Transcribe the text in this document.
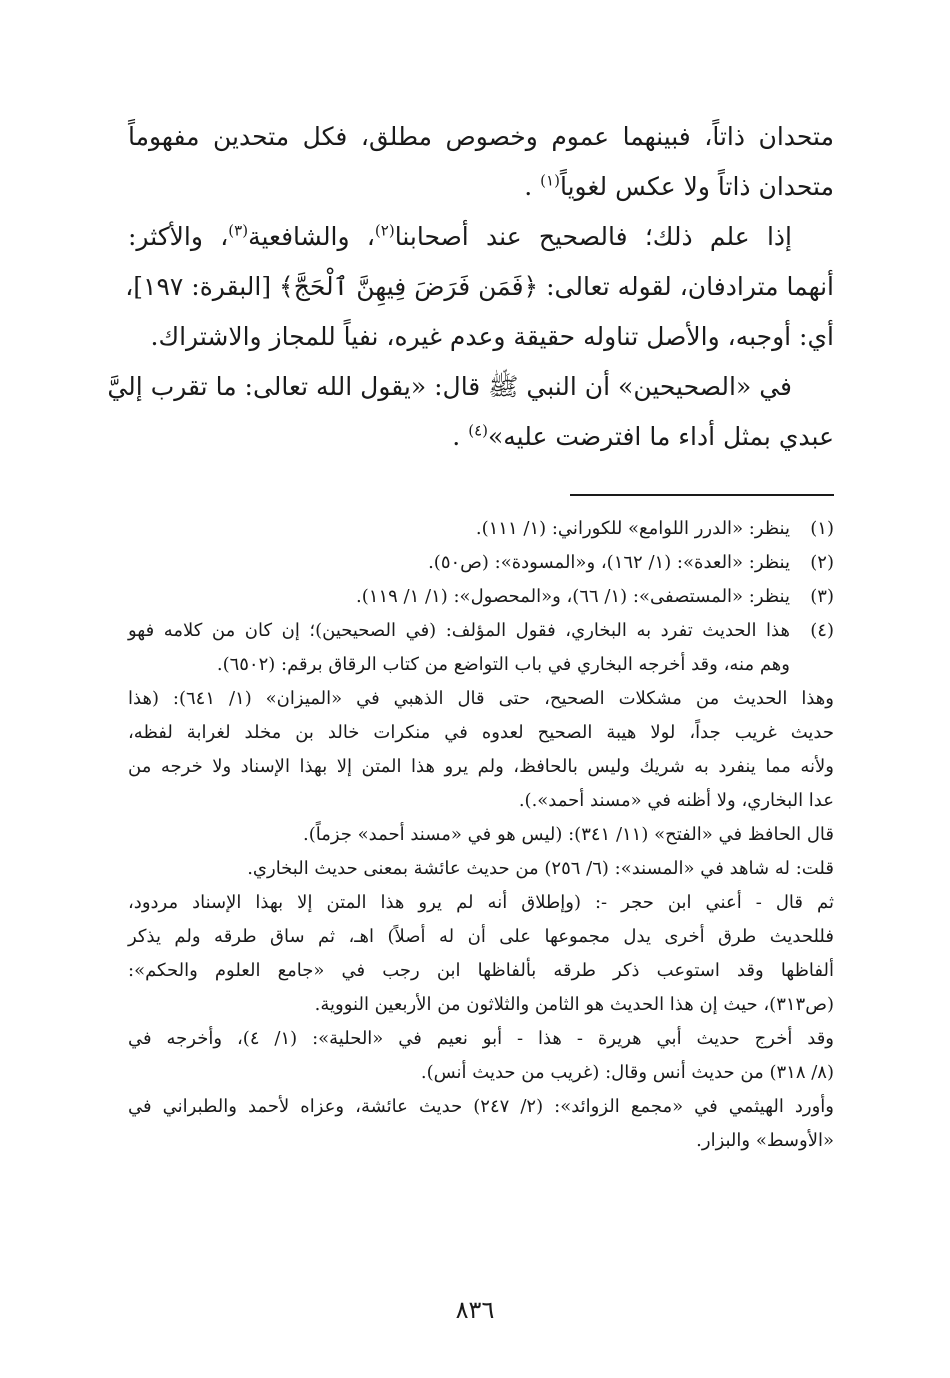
متحدان ذاتاً، فبينهما عموم وخصوص مطلق، فكل متحدين مفهوماً
متحدان ذاتاً ولا عكس لغوياً$^{(١)}$ .
إذا علم ذلك؛ فالصحيح عند أصحابنا$^{(٢)}$، والشافعية$^{(٣)}$، والأكثر:
أنهما مترادفان، لقوله تعالى: ﴿فَمَن فَرَضَ فِيهِنَّ ٱلْحَجَّ﴾ [البقرة: ١٩٧]،
أي: أوجبه، والأصل تناوله حقيقة وعدم غيره، نفياً للمجاز والاشتراك.
في «الصحيحين» أن النبي ﷺ قال: «يقول الله تعالى: ما تقرب إليَّ
عبدي بمثل أداء ما افترضت عليه»$^{(٤)}$ .
(١)
ينظر: «الدرر اللوامع» للكوراني: (١/ ١١١).
(٢)
ينظر: «العدة»: (١/ ١٦٢)، و«المسودة»: (ص٥٠).
(٣)
ينظر: «المستصفى»: (١/ ٦٦)، و«المحصول»: (١/ ١/ ١١٩).
(٤)
هذا الحديث تفرد به البخاري، فقول المؤلف: (في الصحيحين)؛ إن كان من كلامه فهو
وهم منه، وقد أخرجه البخاري في باب التواضع من كتاب الرقاق برقم: (٦٥٠٢).
وهذا الحديث من مشكلات الصحيح، حتى قال الذهبي في «الميزان» (١/ ٦٤١): (هذا
حديث غريب جداً، لولا هيبة الصحيح لعدوه في منكرات خالد بن مخلد لغرابة لفظه،
ولأنه مما ينفرد به شريك وليس بالحافظ، ولم يرو هذا المتن إلا بهذا الإسناد ولا خرجه من
عدا البخاري، ولا أظنه في «مسند أحمد».).
قال الحافظ في «الفتح» (١١/ ٣٤١): (ليس هو في «مسند أحمد» جزماً).
قلت: له شاهد في «المسند»: (٦/ ٢٥٦) من حديث عائشة بمعنى حديث البخاري.
ثم قال - أعني ابن حجر -: (وإطلاق أنه لم يرو هذا المتن إلا بهذا الإسناد مردود،
فللحديث طرق أخرى يدل مجموعها على أن له أصلاً) اهـ، ثم ساق طرقه ولم يذكر
ألفاظها وقد استوعب ذكر طرقه بألفاظها ابن رجب في «جامع العلوم والحكم»:
(ص٣١٣)، حيث إن هذا الحديث هو الثامن والثلاثون من الأربعين النووية.
وقد أخرج حديث أبي هريرة - هذا - أبو نعيم في «الحلية»: (١/ ٤)، وأخرجه في
(٨/ ٣١٨) من حديث أنس وقال: (غريب من حديث أنس).
وأورد الهيثمي في «مجمع الزوائد»: (٢/ ٢٤٧) حديث عائشة، وعزاه لأحمد والطبراني في
«الأوسط» والبزار.
٨٣٦
